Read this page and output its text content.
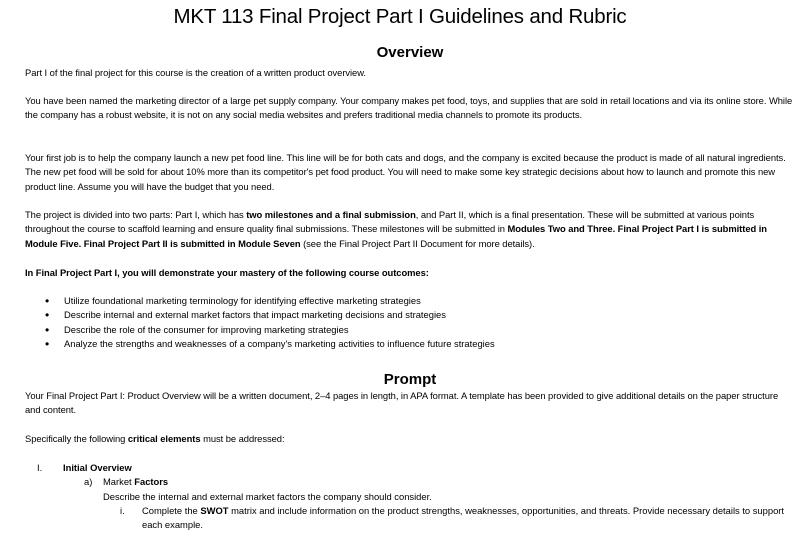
MKT 113 Final Project Part I Guidelines and Rubric
Overview
Part I of the final project for this course is the creation of a written product overview.
You have been named the marketing director of a large pet supply company. Your company makes pet food, toys, and supplies that are sold in retail locations and via its online store. While the company has a robust website, it is not on any social media websites and prefers traditional media channels to promote its products.
Your first job is to help the company launch a new pet food line. This line will be for both cats and dogs, and the company is excited because the product is made of all natural ingredients. The new pet food will be sold for about 10% more than its competitor's pet food product. You will need to make some key strategic decisions about how to launch and promote this new product line. Assume you will have the budget that you need.
The project is divided into two parts: Part I, which has two milestones and a final submission, and Part II, which is a final presentation. These will be submitted at various points throughout the course to scaffold learning and ensure quality final submissions. These milestones will be submitted in Modules Two and Three. Final Project Part I is submitted in Module Five. Final Project Part II is submitted in Module Seven (see the Final Project Part II Document for more details).
In Final Project Part I, you will demonstrate your mastery of the following course outcomes:
• Utilize foundational marketing terminology for identifying effective marketing strategies
• Describe internal and external market factors that impact marketing decisions and strategies
• Describe the role of the consumer for improving marketing strategies
• Analyze the strengths and weaknesses of a company's marketing activities to influence future strategies
Prompt
Your Final Project Part I: Product Overview will be a written document, 2–4 pages in length, in APA format. A template has been provided to give additional details on the paper structure and content.
Specifically the following critical elements must be addressed:
I. Initial Overview
a) Market Factors
Describe the internal and external market factors the company should consider.
i. Complete the SWOT matrix and include information on the product strengths, weaknesses, opportunities, and threats. Provide necessary details to support each example.
